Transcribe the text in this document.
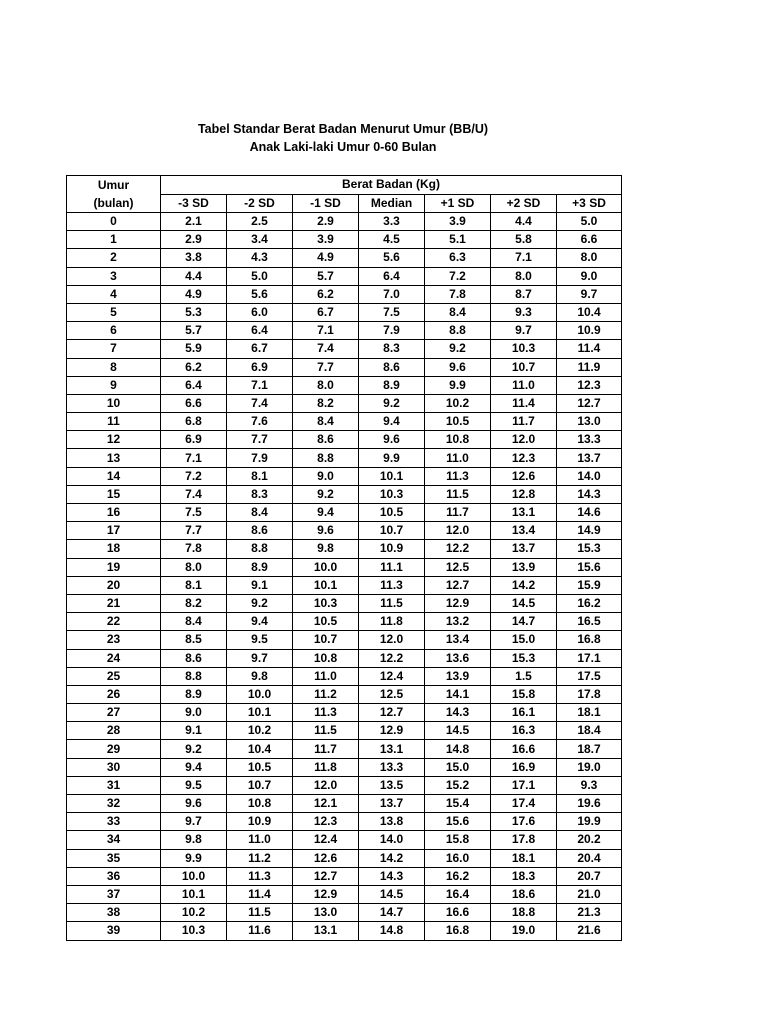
Tabel Standar Berat Badan Menurut Umur (BB/U)
Anak Laki-laki Umur 0-60 Bulan
Umur
(bulan)	Berat Badan (Kg)						
	-3 SD	-2 SD	-1 SD	Median	+1 SD	+2 SD	+3 SD
0	2.1	2.5	2.9	3.3	3.9	4.4	5.0
1	2.9	3.4	3.9	4.5	5.1	5.8	6.6
2	3.8	4.3	4.9	5.6	6.3	7.1	8.0
3	4.4	5.0	5.7	6.4	7.2	8.0	9.0
4	4.9	5.6	6.2	7.0	7.8	8.7	9.7
5	5.3	6.0	6.7	7.5	8.4	9.3	10.4
6	5.7	6.4	7.1	7.9	8.8	9.7	10.9
7	5.9	6.7	7.4	8.3	9.2	10.3	11.4
8	6.2	6.9	7.7	8.6	9.6	10.7	11.9
9	6.4	7.1	8.0	8.9	9.9	11.0	12.3
10	6.6	7.4	8.2	9.2	10.2	11.4	12.7
11	6.8	7.6	8.4	9.4	10.5	11.7	13.0
12	6.9	7.7	8.6	9.6	10.8	12.0	13.3
13	7.1	7.9	8.8	9.9	11.0	12.3	13.7
14	7.2	8.1	9.0	10.1	11.3	12.6	14.0
15	7.4	8.3	9.2	10.3	11.5	12.8	14.3
16	7.5	8.4	9.4	10.5	11.7	13.1	14.6
17	7.7	8.6	9.6	10.7	12.0	13.4	14.9
18	7.8	8.8	9.8	10.9	12.2	13.7	15.3
19	8.0	8.9	10.0	11.1	12.5	13.9	15.6
20	8.1	9.1	10.1	11.3	12.7	14.2	15.9
21	8.2	9.2	10.3	11.5	12.9	14.5	16.2
22	8.4	9.4	10.5	11.8	13.2	14.7	16.5
23	8.5	9.5	10.7	12.0	13.4	15.0	16.8
24	8.6	9.7	10.8	12.2	13.6	15.3	17.1
25	8.8	9.8	11.0	12.4	13.9	1.5	17.5
26	8.9	10.0	11.2	12.5	14.1	15.8	17.8
27	9.0	10.1	11.3	12.7	14.3	16.1	18.1
28	9.1	10.2	11.5	12.9	14.5	16.3	18.4
29	9.2	10.4	11.7	13.1	14.8	16.6	18.7
30	9.4	10.5	11.8	13.3	15.0	16.9	19.0
31	9.5	10.7	12.0	13.5	15.2	17.1	9.3
32	9.6	10.8	12.1	13.7	15.4	17.4	19.6
33	9.7	10.9	12.3	13.8	15.6	17.6	19.9
34	9.8	11.0	12.4	14.0	15.8	17.8	20.2
35	9.9	11.2	12.6	14.2	16.0	18.1	20.4
36	10.0	11.3	12.7	14.3	16.2	18.3	20.7
37	10.1	11.4	12.9	14.5	16.4	18.6	21.0
38	10.2	11.5	13.0	14.7	16.6	18.8	21.3
39	10.3	11.6	13.1	14.8	16.8	19.0	21.6
